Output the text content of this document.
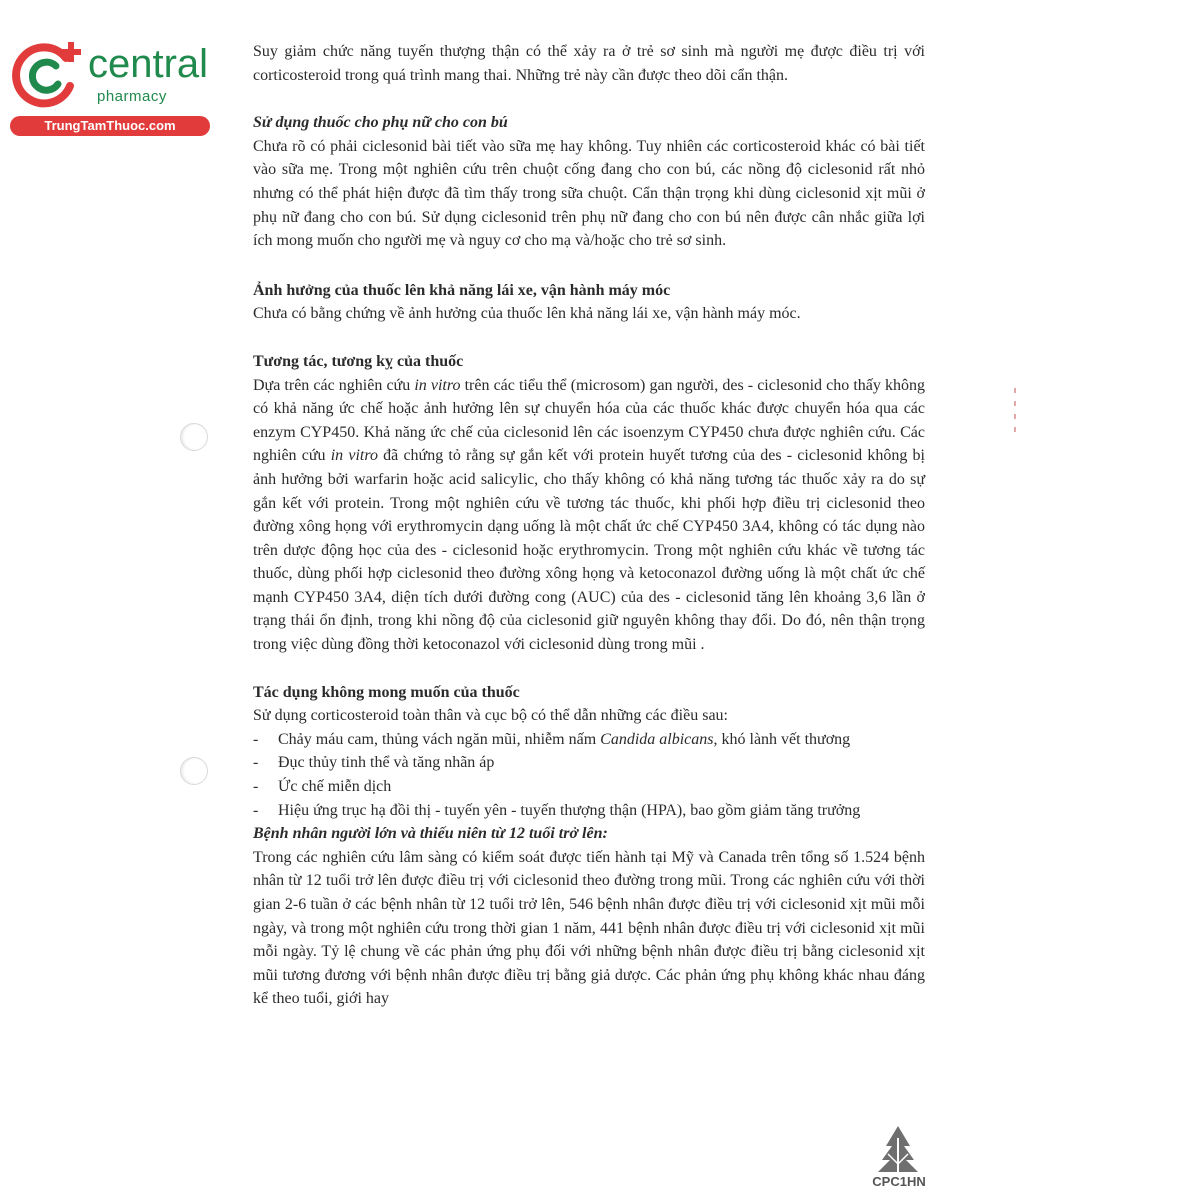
central
pharmacy
TrungTamThuoc.com

Suy giảm chức năng tuyến thượng thận có thể xảy ra ở trẻ sơ sinh mà người mẹ được điều trị với corticosteroid trong quá trình mang thai. Những trẻ này cần được theo dõi cẩn thận.

Sử dụng thuốc cho phụ nữ cho con bú

Chưa rõ có phải ciclesonid bài tiết vào sữa mẹ hay không. Tuy nhiên các corticosteroid khác có bài tiết vào sữa mẹ. Trong một nghiên cứu trên chuột cống đang cho con bú, các nồng độ ciclesonid rất nhỏ nhưng có thể phát hiện được đã tìm thấy trong sữa chuột. Cẩn thận trọng khi dùng ciclesonid xịt mũi ở phụ nữ đang cho con bú. Sử dụng ciclesonid trên phụ nữ đang cho con bú nên được cân nhắc giữa lợi ích mong muốn cho người mẹ và nguy cơ cho mạ và/hoặc cho trẻ sơ sinh.

Ảnh hưởng của thuốc lên khả năng lái xe, vận hành máy móc

Chưa có bằng chứng về ảnh hưởng của thuốc lên khả năng lái xe, vận hành máy móc.

Tương tác, tương kỵ của thuốc

Dựa trên các nghiên cứu in vitro trên các tiểu thể (microsom) gan người, des - ciclesonid cho thấy không có khả năng ức chế hoặc ảnh hưởng lên sự chuyển hóa của các thuốc khác được chuyển hóa qua các enzym CYP450. Khả năng ức chế của ciclesonid lên các isoenzym CYP450 chưa được nghiên cứu. Các nghiên cứu in vitro đã chứng tỏ rằng sự gắn kết với protein huyết tương của des - ciclesonid không bị ảnh hưởng bởi warfarin hoặc acid salicylic, cho thấy không có khả năng tương tác thuốc xảy ra do sự gắn kết với protein. Trong một nghiên cứu về tương tác thuốc, khi phối hợp điều trị ciclesonid theo đường xông họng với erythromycin dạng uống là một chất ức chế CYP450 3A4, không có tác dụng nào trên dược động học của des - ciclesonid hoặc erythromycin. Trong một nghiên cứu khác về tương tác thuốc, dùng phối hợp ciclesonid theo đường xông họng và ketoconazol đường uống là một chất ức chế mạnh CYP450 3A4, diện tích dưới đường cong (AUC) của des - ciclesonid tăng lên khoảng 3,6 lần ở trạng thái ổn định, trong khi nồng độ của ciclesonid giữ nguyên không thay đổi. Do đó, nên thận trọng trong việc dùng đồng thời ketoconazol với ciclesonid dùng trong mũi .

Tác dụng không mong muốn của thuốc

Sử dụng corticosteroid toàn thân và cục bộ có thể dẫn những các điều sau:

- Chảy máu cam, thủng vách ngăn mũi, nhiễm nấm Candida albicans, khó lành vết thương
- Đục thủy tinh thể và tăng nhãn áp
- Ức chế miễn dịch
- Hiệu ứng trục hạ đồi thị - tuyến yên - tuyến thượng thận (HPA), bao gồm giảm tăng trưởng

Bệnh nhân người lớn và thiếu niên từ 12 tuổi trở lên:

Trong các nghiên cứu lâm sàng có kiểm soát được tiến hành tại Mỹ và Canada trên tổng số 1.524 bệnh nhân từ 12 tuổi trở lên được điều trị với ciclesonid theo đường trong mũi. Trong các nghiên cứu với thời gian 2-6 tuần ở các bệnh nhân từ 12 tuổi trở lên, 546 bệnh nhân được điều trị với ciclesonid xịt mũi mỗi ngày, và trong một nghiên cứu trong thời gian 1 năm, 441 bệnh nhân được điều trị với ciclesonid xịt mũi mỗi ngày. Tỷ lệ chung về các phản ứng phụ đối với những bệnh nhân được điều trị bằng ciclesonid xịt mũi tương đương với bệnh nhân được điều trị bằng giả dược. Các phản ứng phụ không khác nhau đáng kể theo tuổi, giới hay

CPC1HN
